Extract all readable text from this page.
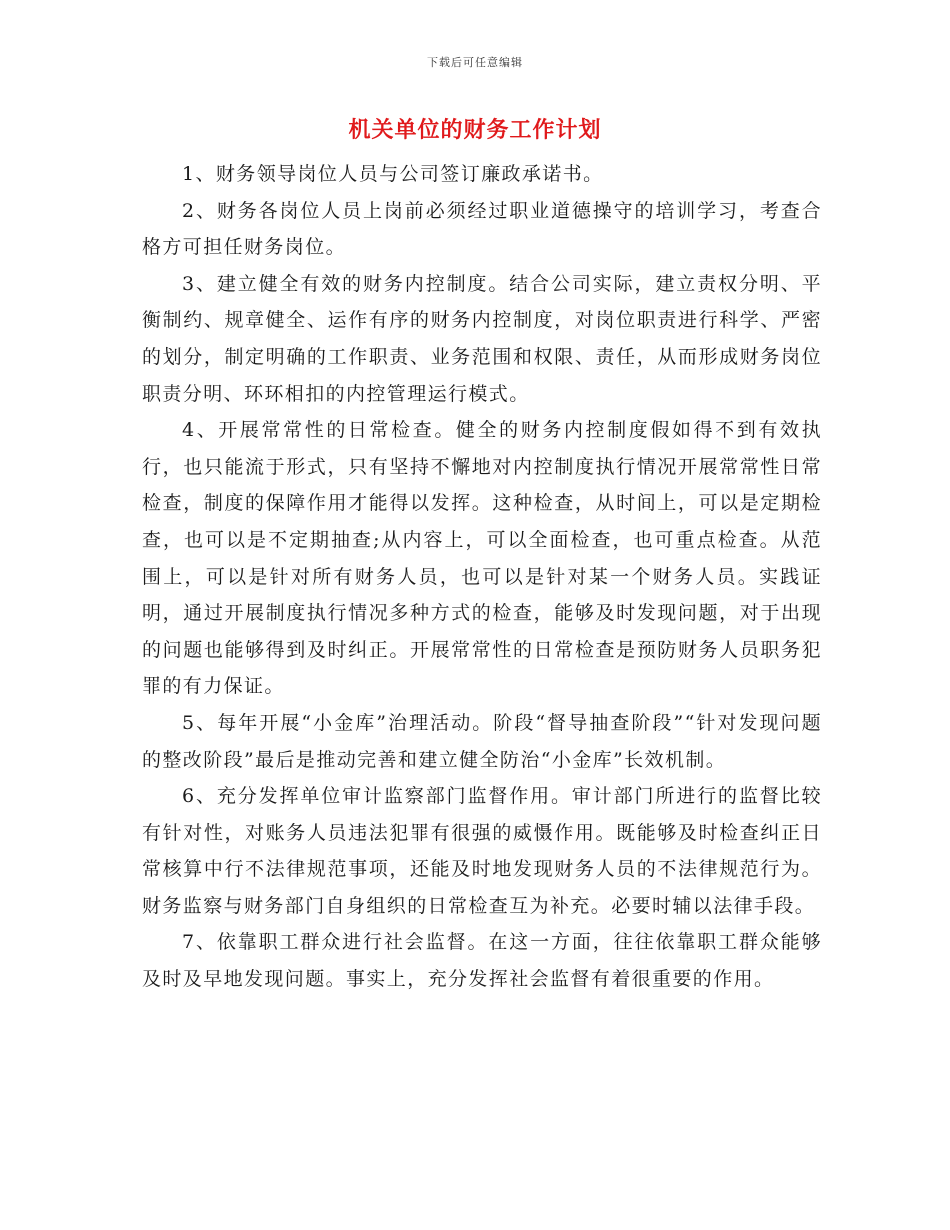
下载后可任意编辑
机关单位的财务工作计划

1、财务领导岗位人员与公司签订廉政承诺书。

2、财务各岗位人员上岗前必须经过职业道德操守的培训学习，考查合格方可担任财务岗位。

3、建立健全有效的财务内控制度。结合公司实际，建立责权分明、平衡制约、规章健全、运作有序的财务内控制度，对岗位职责进行科学、严密的划分，制定明确的工作职责、业务范围和权限、责任，从而形成财务岗位职责分明、环环相扣的内控管理运行模式。

4、开展常常性的日常检查。健全的财务内控制度假如得不到有效执行，也只能流于形式，只有坚持不懈地对内控制度执行情况开展常常性日常检查，制度的保障作用才能得以发挥。这种检查，从时间上，可以是定期检查，也可以是不定期抽查;从内容上，可以全面检查，也可重点检查。从范围上，可以是针对所有财务人员，也可以是针对某一个财务人员。实践证明，通过开展制度执行情况多种方式的检查，能够及时发现问题，对于出现的问题也能够得到及时纠正。开展常常性的日常检查是预防财务人员职务犯罪的有力保证。

5、每年开展“小金库”治理活动。阶段“督导抽查阶段”“针对发现问题的整改阶段”最后是推动完善和建立健全防治“小金库”长效机制。

6、充分发挥单位审计监察部门监督作用。审计部门所进行的监督比较有针对性，对账务人员违法犯罪有很强的威慑作用。既能够及时检查纠正日常核算中行不法律规范事项，还能及时地发现财务人员的不法律规范行为。财务监察与财务部门自身组织的日常检查互为补充。必要时辅以法律手段。

7、依靠职工群众进行社会监督。在这一方面，往往依靠职工群众能够及时及早地发现问题。事实上，充分发挥社会监督有着很重要的作用。
